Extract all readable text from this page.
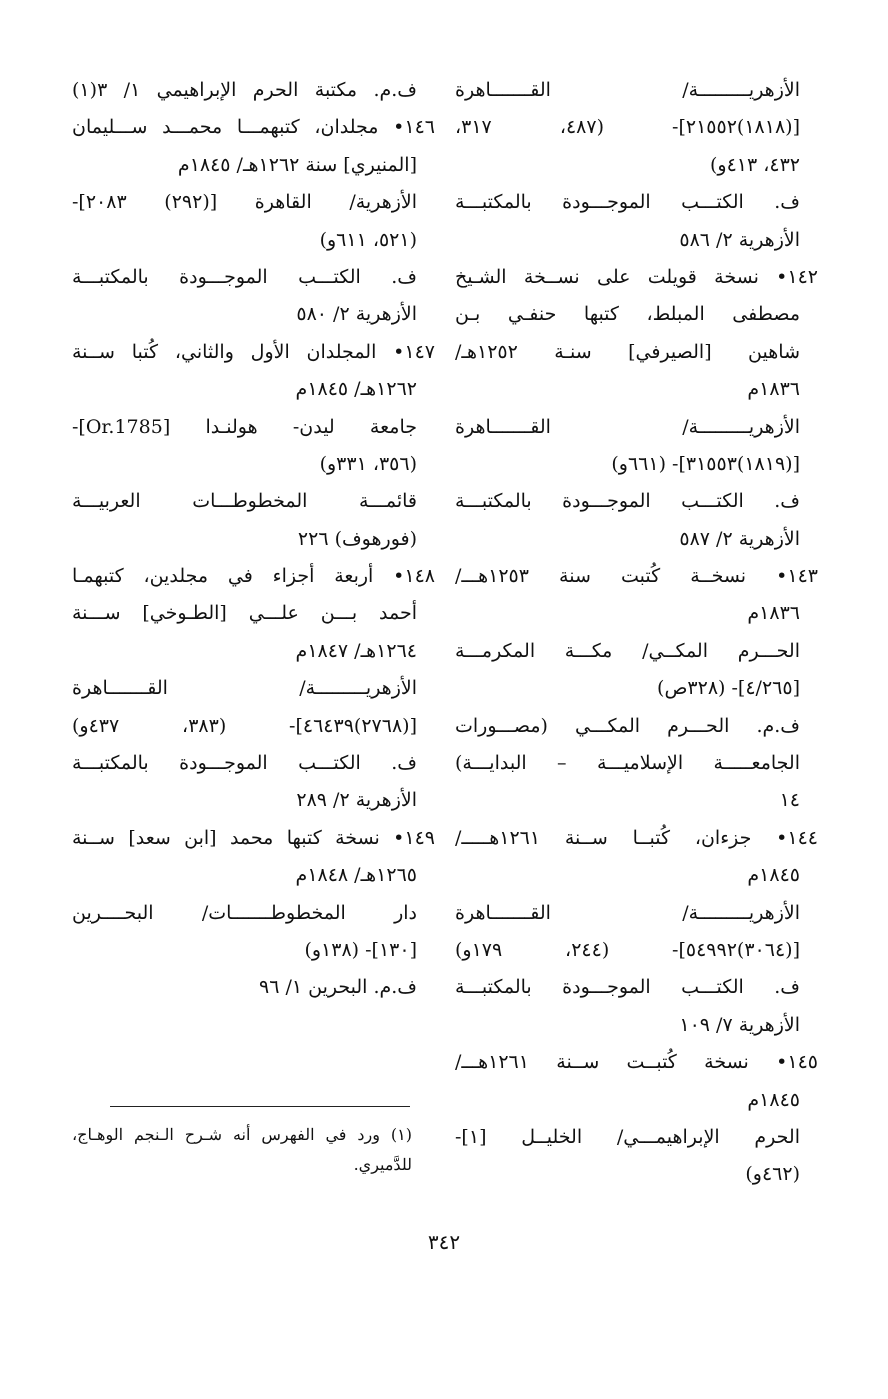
الأزهريـــــــــة/ القـــــــاهرة
[(١٨١٨)٢١٥٥٢]- (٤٨٧، ٣١٧،
٤٣٢، ٤١٣و)
ف. الكتـــب الموجـــودة بالمكتبـــة
الأزهرية ٢/ ٥٨٦
١٤٢• نسخة قويلت على نســخة الشـيخ
مصطفى المبلط، كتبها حنفـي بـن
شاهين [الصيرفي] سنـة ١٢٥٢هـ/
١٨٣٦م
الأزهريـــــــــة/ القـــــــاهرة
[(١٨١٩)٣١٥٥٣]- (٦٦١و)
ف. الكتـــب الموجـــودة بالمكتبـــة
الأزهرية ٢/ ٥٨٧
١٤٣• نسخــة كُتبت سنة ١٢٥٣هـــ/
١٨٣٦م
الحـــرم المكــي/ مكـــة المكرمـــة
[٤/٢٦٥]- (٣٢٨ص)
ف.م. الحـــرم المكـــي (مصـــورات
الجامعـــــة الإسلاميـــة – البدايـــة)
١٤
١٤٤• جزءان، كُتبــا ســنة ١٢٦١هـــــ/
١٨٤٥م
الأزهريـــــــــة/ القـــــــاهرة
[(٣٠٦٤)٥٤٩٩٢]- (٢٤٤، ١٧٩و)
ف. الكتـــب الموجـــودة بالمكتبـــة
الأزهرية ٧/ ١٠٩
١٤٥• نسخة كُتبــت ســنة ١٢٦١هـــ/
١٨٤٥م
الحرم الإبراهيمـــي/ الخليــل [١]-
(٤٦٢و)
ف.م. مكتبة الحرم الإبراهيمي ١/ ٣(١)
١٤٦• مجلدان، كتبهمـــا محمـــد ســـليمان
[المنيري] سنة ١٢٦٢هـ/ ١٨٤٥م
الأزهرية/ القاهرة [(٢٩٢) ٢٠٨٣]-
(٥٢١، ٦١١و)
ف. الكتـــب الموجـــودة بالمكتبـــة
الأزهرية ٢/ ٥٨٠
١٤٧• المجلدان الأول والثاني، كُتبا ســنة
١٢٦٢هـ/ ١٨٤٥م
جامعة ليدن- هولنـدا [Or.1785]-
(٣٥٦، ٣٣١و)
قائمـــة المخطوطـــات العربيـــة
(فورهوف) ٢٢٦
١٤٨• أربعة أجزاء في مجلدين، كتبهمـا
أحمد بـــن علـــي [الطـوخي] ســـنة
١٢٦٤هـ/ ١٨٤٧م
الأزهريـــــــــة/ القـــــــاهرة
[(٢٧٦٨)٤٦٤٣٩]- (٣٨٣، ٤٣٧و)
ف. الكتـــب الموجـــودة بالمكتبـــة
الأزهرية ٢/ ٢٨٩
١٤٩• نسخة كتبها محمد [ابن سعد] ســنة
١٢٦٥هـ/ ١٨٤٨م
دار المخطوطـــــــات/ البحــــرين
[١٣٠]- (١٣٨و)
ف.م. البحرين ١/ ٩٦
(١) ورد في الفهرس أنه شـرح الـنجم الوهـاج،
للدَّميري.
٣٤٢
